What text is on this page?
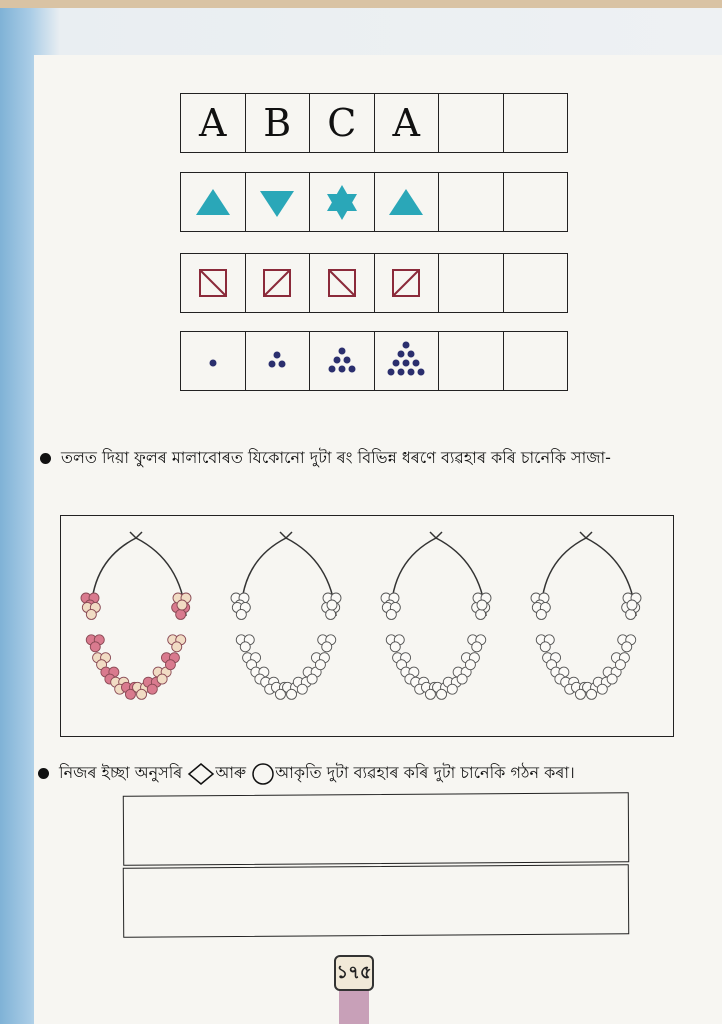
A B C A
তলত দিয়া ফুলৰ মালাবোৰত যিকোনো দুটা ৰং বিভিন্ন ধৰণে ব্যৱহাৰ কৰি চানেকি সাজা-
নিজৰ ইচ্ছা অনুসৰি আৰু আকৃতি দুটা ব্যৱহাৰ কৰি দুটা চানেকি গঠন কৰা।
১৭৫
